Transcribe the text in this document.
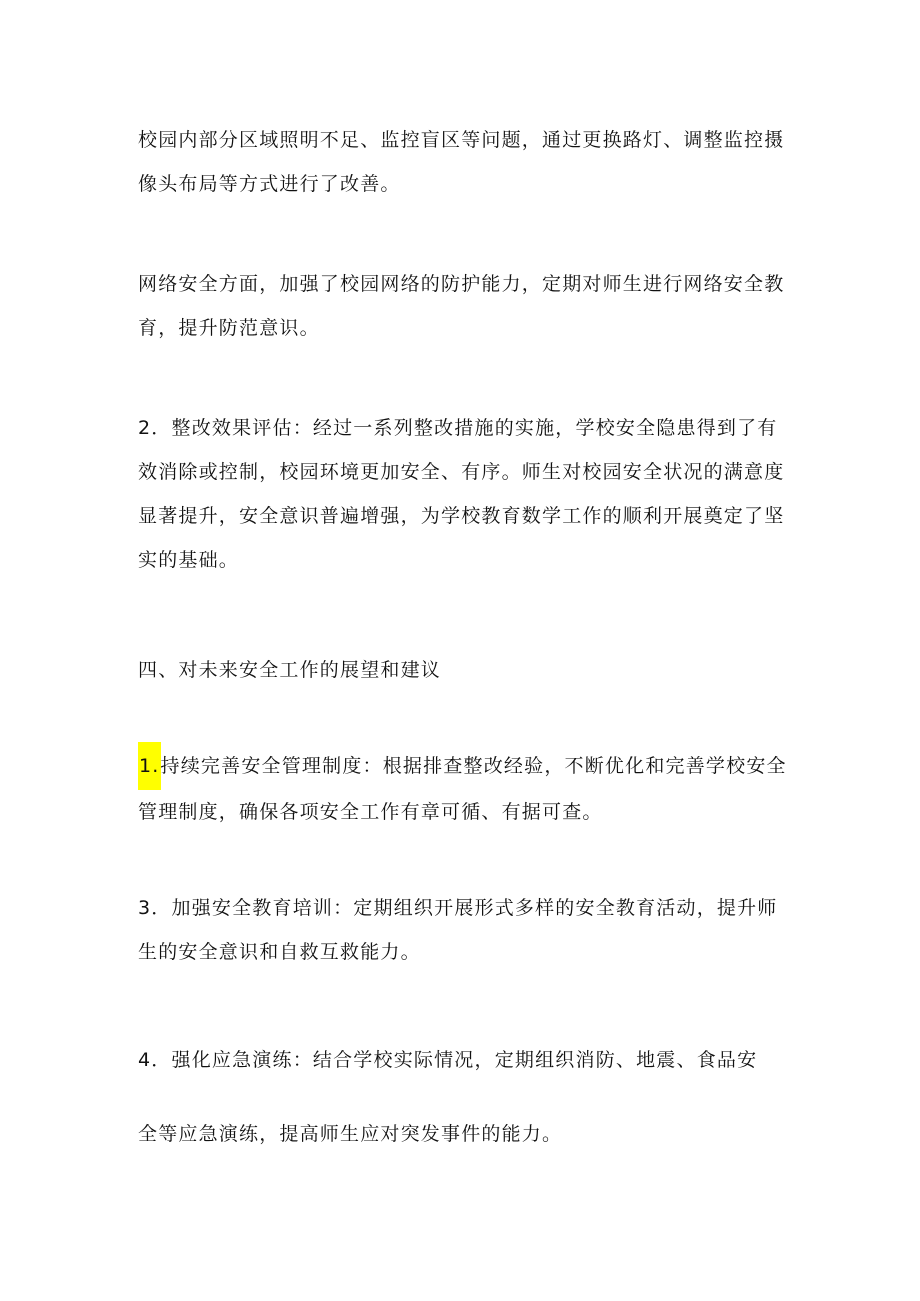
校园内部分区域照明不足、监控盲区等问题，通过更换路灯、调整监控摄像头布局等方式进行了改善。

网络安全方面，加强了校园网络的防护能力，定期对师生进行网络安全教育，提升防范意识。

2．整改效果评估：经过一系列整改措施的实施，学校安全隐患得到了有效消除或控制，校园环境更加安全、有序。师生对校园安全状况的满意度显著提升，安全意识普遍增强，为学校教育数学工作的顺利开展奠定了坚实的基础。

四、对未来安全工作的展望和建议

1.持续完善安全管理制度：根据排查整改经验，不断优化和完善学校安全管理制度，确保各项安全工作有章可循、有据可查。

3．加强安全教育培训：定期组织开展形式多样的安全教育活动，提升师生的安全意识和自救互救能力。

4．强化应急演练：结合学校实际情况，定期组织消防、地震、食品安

全等应急演练，提高师生应对突发事件的能力。
